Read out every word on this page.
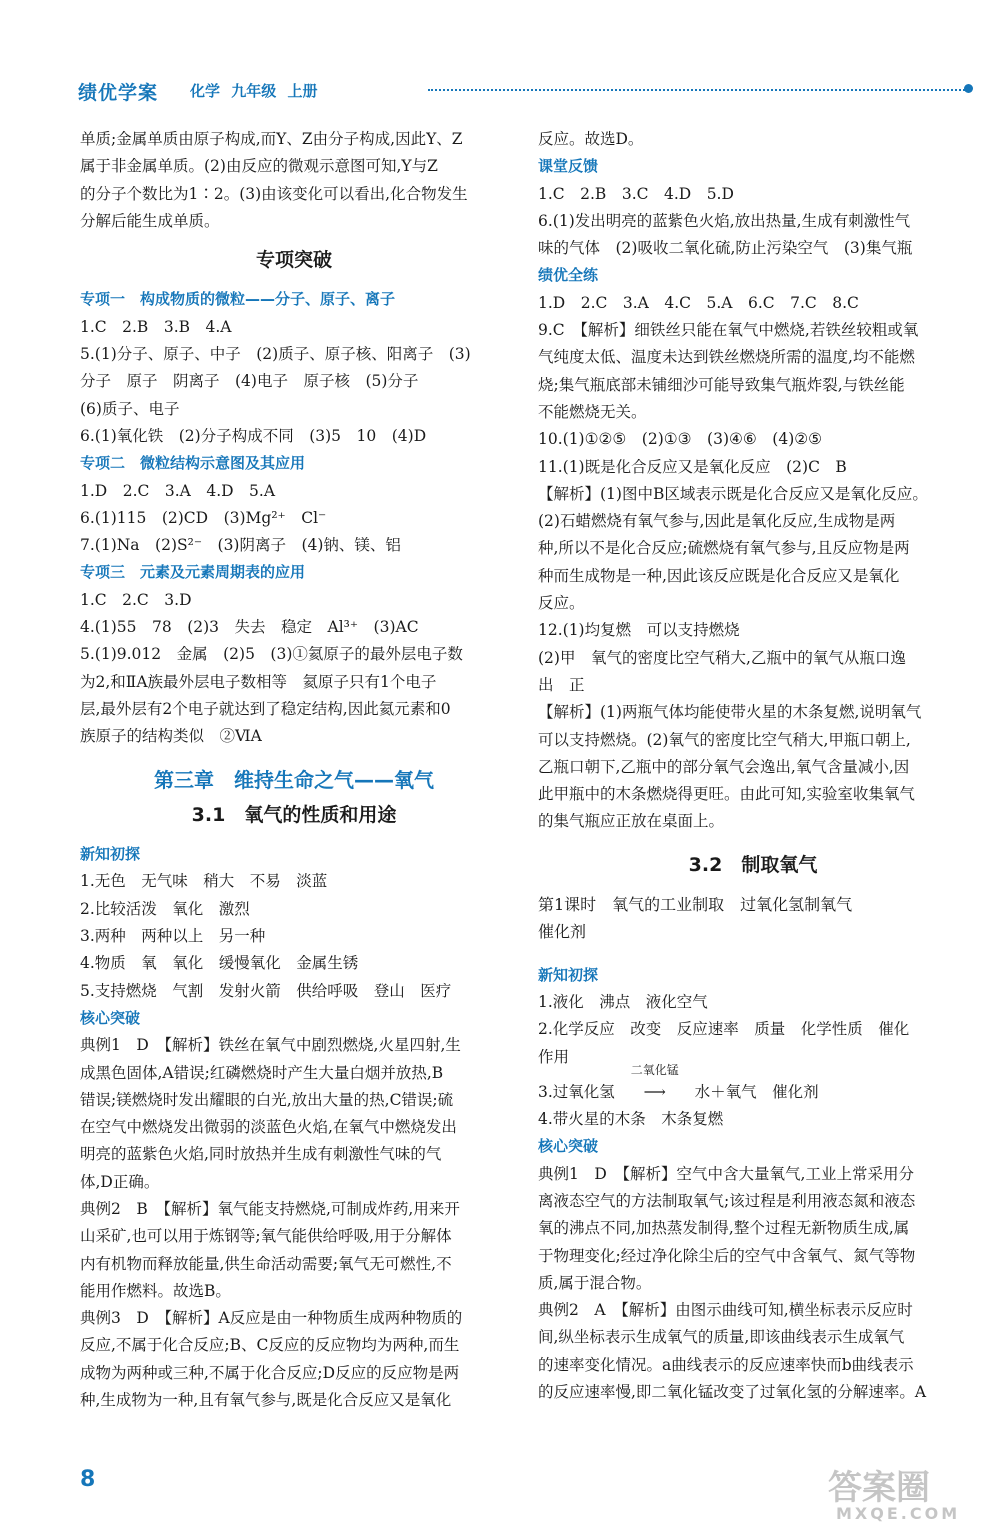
绩优学案 化学 九年级 上册

单质;金属单质由原子构成,而Y、Z由分子构成,因此Y、Z

属于非金属单质。(2)由反应的微观示意图可知,Y与Z

的分子个数比为1∶2。(3)由该变化可以看出,化合物发生

分解后能生成单质。

专项突破

专项一　构成物质的微粒——分子、原子、离子

1.C　2.B　3.B　4.A

5.(1)分子、原子、中子　(2)质子、原子核、阳离子　(3)

分子　原子　阴离子　(4)电子　原子核　(5)分子

(6)质子、电子

6.(1)氧化铁　(2)分子构成不同　(3)5　10　(4)D

专项二　微粒结构示意图及其应用

1.D　2.C　3.A　4.D　5.A

6.(1)115　(2)CD　(3)Mg²⁺　Cl⁻

7.(1)Na　(2)S²⁻　(3)阴离子　(4)钠、镁、铝

专项三　元素及元素周期表的应用

1.C　2.C　3.D

4.(1)55　78　(2)3　失去　稳定　Al³⁺　(3)AC

5.(1)9.012　金属　(2)5　(3)①氦原子的最外层电子数

为2,和ⅡA族最外层电子数相等　氦原子只有1个电子

层,最外层有2个电子就达到了稳定结构,因此氦元素和0

族原子的结构类似　②ⅥA

第三章　维持生命之气——氧气

3.1　氧气的性质和用途

新知初探

1.无色　无气味　稍大　不易　淡蓝

2.比较活泼　氧化　激烈

3.两种　两种以上　另一种

4.物质　氧　氧化　缓慢氧化　金属生锈

5.支持燃烧　气割　发射火箭　供给呼吸　登山　医疗

核心突破

典例1　D　【解析】铁丝在氧气中剧烈燃烧,火星四射,生

成黑色固体,A错误;红磷燃烧时产生大量白烟并放热,B

错误;镁燃烧时发出耀眼的白光,放出大量的热,C错误;硫

在空气中燃烧发出微弱的淡蓝色火焰,在氧气中燃烧发出

明亮的蓝紫色火焰,同时放热并生成有刺激性气味的气

体,D正确。

典例2　B　【解析】氧气能支持燃烧,可制成炸药,用来开

山采矿,也可以用于炼钢等;氧气能供给呼吸,用于分解体

内有机物而释放能量,供生命活动需要;氧气无可燃性,不

能用作燃料。故选B。

典例3　D　【解析】A反应是由一种物质生成两种物质的

反应,不属于化合反应;B、C反应的反应物均为两种,而生

成物为两种或三种,不属于化合反应;D反应的反应物是两

种,生成物为一种,且有氧气参与,既是化合反应又是氧化

反应。故选D。

课堂反馈

1.C　2.B　3.C　4.D　5.D

6.(1)发出明亮的蓝紫色火焰,放出热量,生成有刺激性气

味的气体　(2)吸收二氧化硫,防止污染空气　(3)集气瓶

绩优全练

1.D　2.C　3.A　4.C　5.A　6.C　7.C　8.C

9.C　【解析】细铁丝只能在氧气中燃烧,若铁丝较粗或氧

气纯度太低、温度未达到铁丝燃烧所需的温度,均不能燃

烧;集气瓶底部未铺细沙可能导致集气瓶炸裂,与铁丝能

不能燃烧无关。

10.(1)①②⑤　(2)①③　(3)④⑥　(4)②⑤

11.(1)既是化合反应又是氧化反应　(2)C　B

【解析】(1)图中B区域表示既是化合反应又是氧化反应。

(2)石蜡燃烧有氧气参与,因此是氧化反应,生成物是两

种,所以不是化合反应;硫燃烧有氧气参与,且反应物是两

种而生成物是一种,因此该反应既是化合反应又是氧化

反应。

12.(1)均复燃　可以支持燃烧

(2)甲　氧气的密度比空气稍大,乙瓶中的氧气从瓶口逸

出　正

【解析】(1)两瓶气体均能使带火星的木条复燃,说明氧气

可以支持燃烧。(2)氧气的密度比空气稍大,甲瓶口朝上,

乙瓶口朝下,乙瓶中的部分氧气会逸出,氧气含量减小,因

此甲瓶中的木条燃烧得更旺。由此可知,实验室收集氧气

的集气瓶应正放在桌面上。

3.2　制取氧气

第1课时　氧气的工业制取　过氧化氢制氧气

催化剂

新知初探

1.液化　沸点　液化空气

2.化学反应　改变　反应速率　质量　化学性质　催化

作用

3.过氧化氢
二氧化锰
⟶ 水＋氧气　催化剂

4.带火星的木条　木条复燃

核心突破

典例1　D　【解析】空气中含大量氧气,工业上常采用分

离液态空气的方法制取氧气;该过程是利用液态氮和液态

氧的沸点不同,加热蒸发制得,整个过程无新物质生成,属

于物理变化;经过净化除尘后的空气中含氧气、氮气等物

质,属于混合物。

典例2　A　【解析】由图示曲线可知,横坐标表示反应时

间,纵坐标表示生成氧气的质量,即该曲线表示生成氧气

的速率变化情况。a曲线表示的反应速率快而b曲线表示

的反应速率慢,即二氧化锰改变了过氧化氢的分解速率。A

8	答案圈
MXQE.COM
